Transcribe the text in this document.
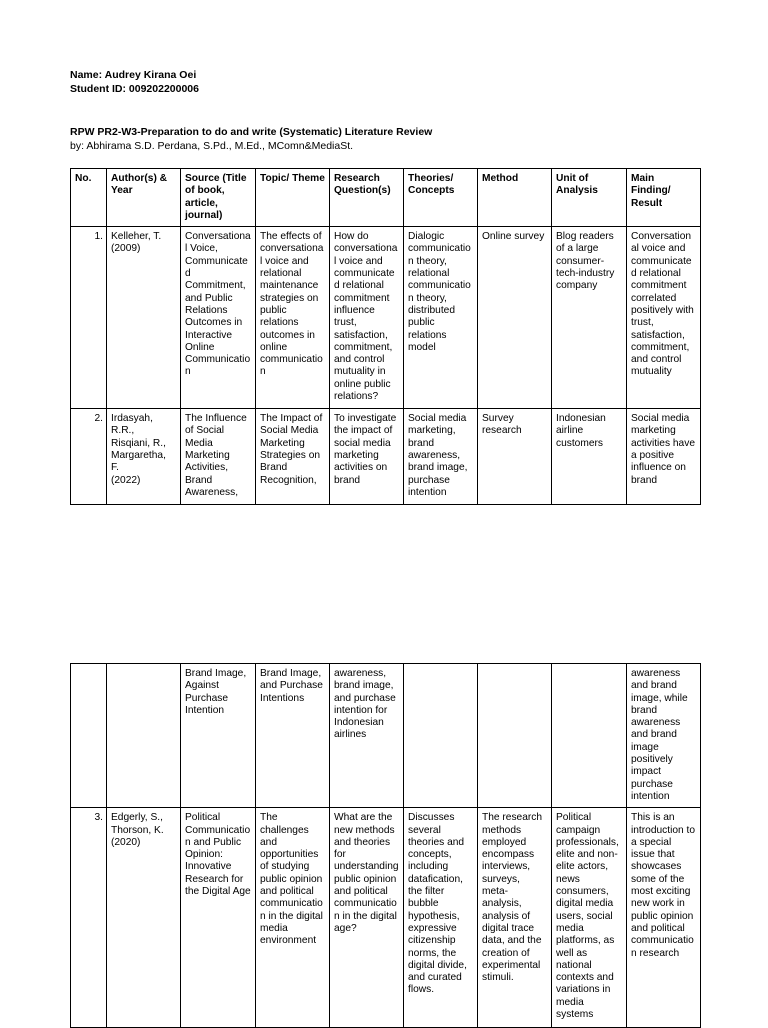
Name: Audrey Kirana Oei
Student ID: 009202200006
RPW PR2-W3-Preparation to do and write (Systematic) Literature Review
by: Abhirama S.D. Perdana, S.Pd., M.Ed., MComn&MediaSt.
No.	Author(s) & Year	Source (Title of book, article, journal)	Topic/ Theme	Research Question(s)	Theories/ Concepts	Method	Unit of Analysis	Main Finding/ Result
1.	Kelleher, T.
(2009)	Conversational Voice, Communicated Commitment, and Public Relations Outcomes in Interactive Online Communication	The effects of conversational voice and relational maintenance strategies on public relations outcomes in online communication	How do conversational voice and communicated relational commitment influence trust, satisfaction, commitment, and control mutuality in online public relations?	Dialogic communication theory, relational communication theory, distributed public relations model	Online survey	Blog readers of a large consumer-tech-industry company	Conversational voice and communicated relational commitment correlated positively with trust, satisfaction, commitment, and control mutuality
2.	Irdasyah, R.R., Risqiani, R., Margaretha, F.
(2022)	The Influence of Social Media Marketing Activities, Brand Awareness,	The Impact of Social Media Marketing Strategies on Brand Recognition,	To investigate the impact of social media marketing activities on brand	Social media marketing, brand awareness, brand image, purchase intention	Survey research	Indonesian airline customers	Social media marketing activities have a positive influence on brand
		Brand Image, Against Purchase Intention	Brand Image, and Purchase Intentions	awareness, brand image, and purchase intention for Indonesian airlines				awareness and brand image, while brand awareness and brand image positively impact purchase intention
3.	Edgerly, S., Thorson, K.
(2020)	Political Communication and Public Opinion: Innovative Research for the Digital Age	The challenges and opportunities of studying public opinion and political communication in the digital media environment	What are the new methods and theories for understanding public opinion and political communication in the digital age?	Discusses several theories and concepts, including datafication, the filter bubble hypothesis, expressive citizenship norms, the digital divide, and curated flows.	The research methods employed encompass interviews, surveys, meta-analysis, analysis of digital trace data, and the creation of experimental stimuli.	Political campaign professionals, elite and non-elite actors, news consumers, digital media users, social media platforms, as well as national contexts and variations in media systems	This is an introduction to a special issue that showcases some of the most exciting new work in public opinion and political communication research
